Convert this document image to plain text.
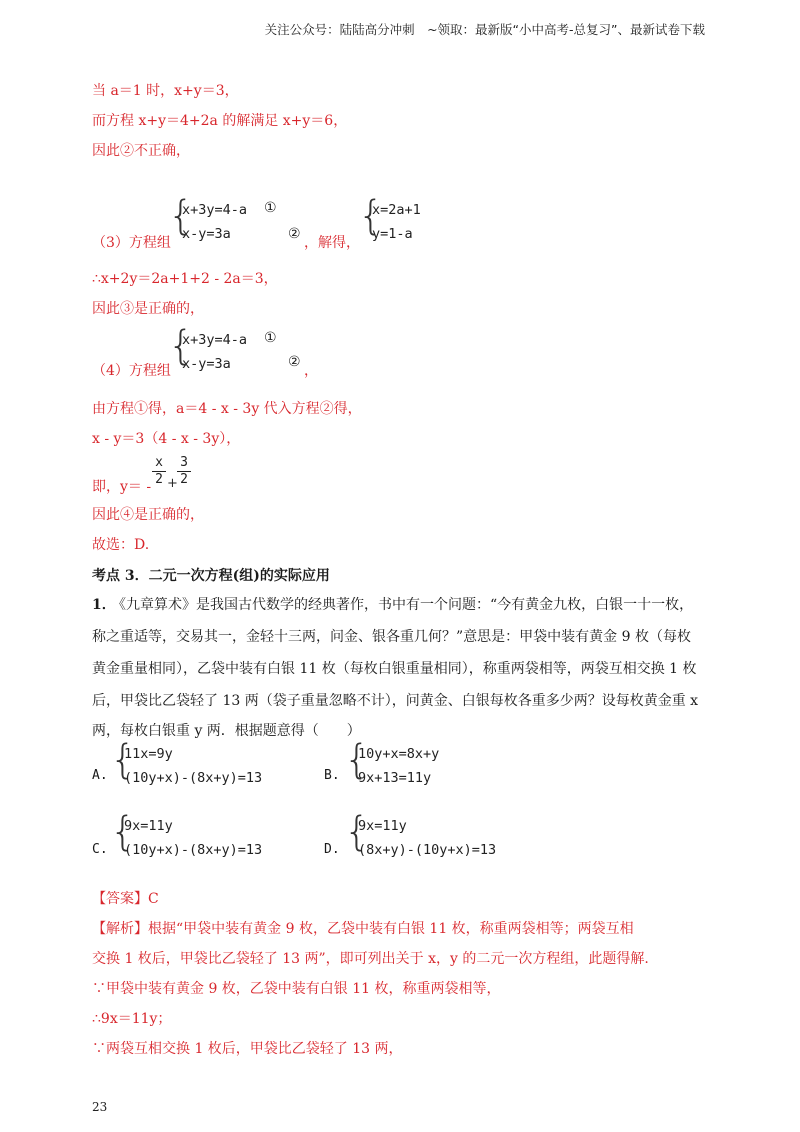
关注公众号：陆陆高分冲刺　~领取：最新版“小中高考-总复习”、最新试卷下载
当 a＝1 时，x+y＝3，
而方程 x+y＝4+2a 的解满足 x+y＝6，
因此②不正确，
（3）方程组
{
x+3y=4-a
x-y=3a
①
②
，解得，
{
x=2a+1
y=1-a
∴x+2y＝2a+1+2 - 2a＝3，
因此③是正确的，
（4）方程组
{
x+3y=4-a
x-y=3a
①
②
，
由方程①得，a＝4 - x - 3y 代入方程②得，
x - y＝3（4 - x - 3y），
即，$y= - \frac{x}{2} + \frac{3}{2}$
因此④是正确的，
故选：D.
考点 3．二元一次方程(组)的实际应用
1．
《九章算术》是我国古代数学的经典著作，书中有一个问题：“今有黄金九枚，白银一十一枚，
称之重适等，交易其一，金轻十三两，问金、银各重几何？”意思是：甲袋中装有黄金 9 枚（每枚
黄金重量相同），乙袋中装有白银 11 枚（每枚白银重量相同），称重两袋相等，两袋互相交换 1 枚
后，甲袋比乙袋轻了 13 两（袋子重量忽略不计），问黄金、白银每枚各重多少两？设每枚黄金重 x
两，每枚白银重 y 两．根据题意得（　　）
A. {
11x=9y
(10y+x)-(8x+y)=13	B. {
10y+x=8x+y
9x+13=11y
C. {
9x=11y
(10y+x)-(8x+y)=13	D. {
9x=11y
(8x+y)-(10y+x)=13
【答案】C
【解析】根据“甲袋中装有黄金 9 枚，乙袋中装有白银 11 枚，称重两袋相等；两袋互相
交换 1 枚后，甲袋比乙袋轻了 13 两”，即可列出关于 x，y 的二元一次方程组，此题得解.
∵甲袋中装有黄金 9 枚，乙袋中装有白银 11 枚，称重两袋相等，
∴9x＝11y；
∵两袋互相交换 1 枚后，甲袋比乙袋轻了 13 两，
23
